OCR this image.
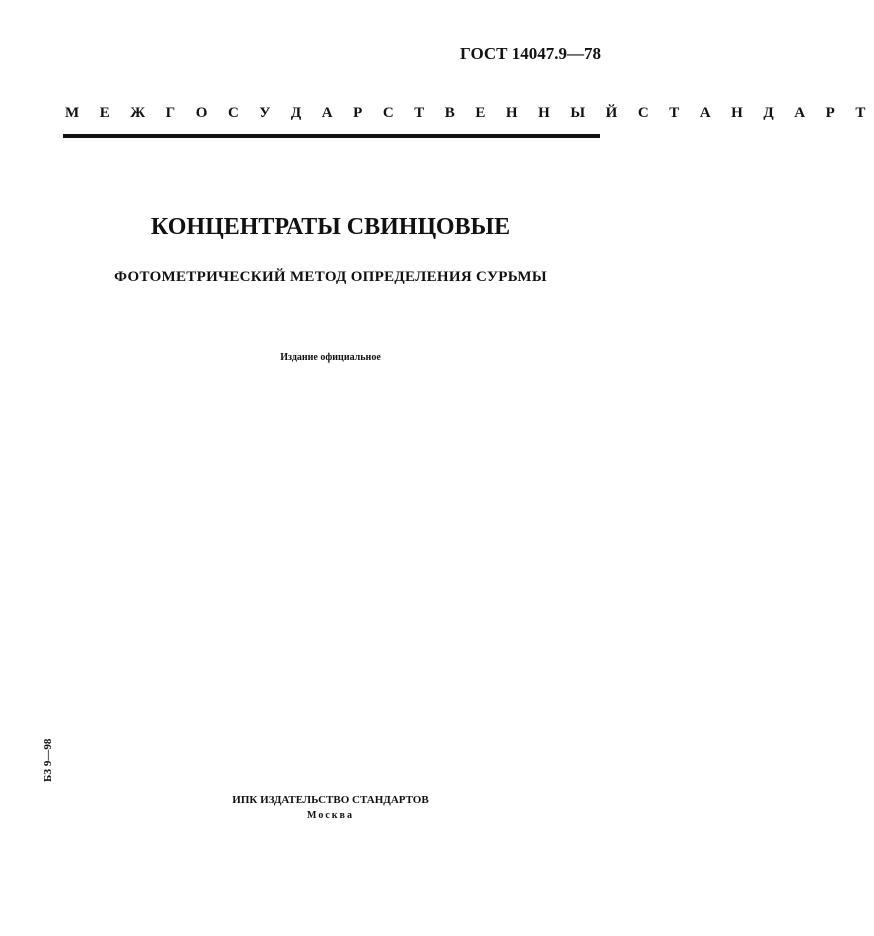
ГОСТ 14047.9—78
М Е Ж Г О С У Д А Р С Т В Е Н Н Ы Й С Т А Н Д А Р Т
КОНЦЕНТРАТЫ СВИНЦОВЫЕ
ФОТОМЕТРИЧЕСКИЙ МЕТОД ОПРЕДЕЛЕНИЯ СУРЬМЫ
Издание официальное
БЗ 9—98
ИПК ИЗДАТЕЛЬСТВО СТАНДАРТОВ
Москва
